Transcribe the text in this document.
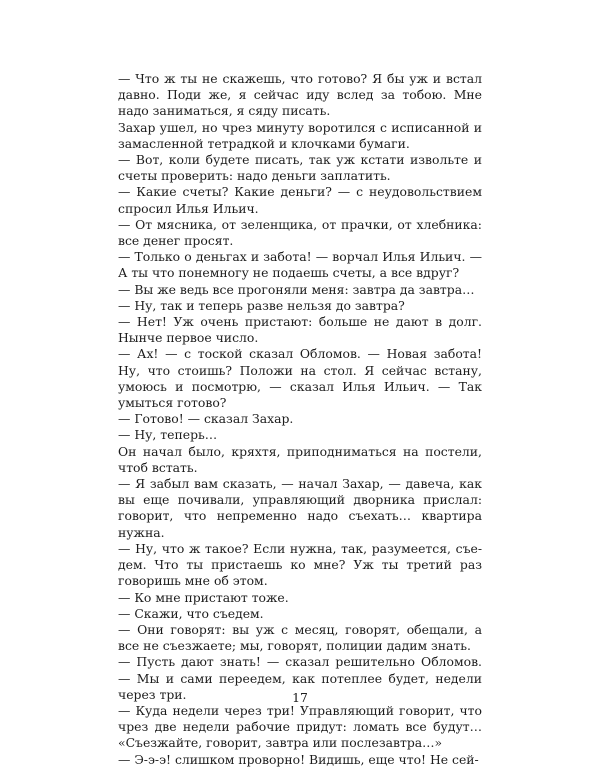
— Что ж ты не скажешь, что готово? Я бы уж и встал давно. Поди же, я сейчас иду вслед за тобою. Мне надо заниматься, я сяду писать.

Захар ушел, но чрез минуту воротился с исписанной и замасленной тетрадкой и клочками бумаги.

— Вот, коли будете писать, так уж кстати извольте и счеты проверить: надо деньги заплатить.

— Какие счеты? Какие деньги? — с неудовольствием спросил Илья Ильич.

— От мясника, от зеленщика, от прачки, от хлебника: все денег просят.

— Только о деньгах и забота! — ворчал Илья Ильич. — А ты что понемногу не подаешь счеты, а все вдруг?

— Вы же ведь все прогоняли меня: завтра да завтра…

— Ну, так и теперь разве нельзя до завтра?

— Нет! Уж очень пристают: больше не дают в долг. Нынче первое число.

— Ах! — с тоской сказал Обломов. — Новая забота! Ну, что стоишь? Положи на стол. Я сейчас встану, умоюсь и посмотрю, — сказал Илья Ильич. — Так умыться готово?

— Готово! — сказал Захар.

— Ну, теперь…

Он начал было, кряхтя, приподниматься на постели, чтоб встать.

— Я забыл вам сказать, — начал Захар, — давеча, как вы еще почивали, управляющий дворника прислал: говорит, что непременно надо съехать… квартира нужна.

— Ну, что ж такое? Если нужна, так, разумеется, съедем. Что ты пристаешь ко мне? Уж ты третий раз говоришь мне об этом.

— Ко мне пристают тоже.

— Скажи, что съедем.

— Они говорят: вы уж с месяц, говорят, обещали, а все не съезжаете; мы, говорят, полиции дадим знать.

— Пусть дают знать! — сказал решительно Обломов. — Мы и сами переедем, как потеплее будет, недели через три.

— Куда недели через три! Управляющий говорит, что чрез две недели рабочие придут: ломать все будут… «Съезжайте, говорит, завтра или послезавтра…»

— Э-э-э! слишком проворно! Видишь, еще что! Не сей-

17
